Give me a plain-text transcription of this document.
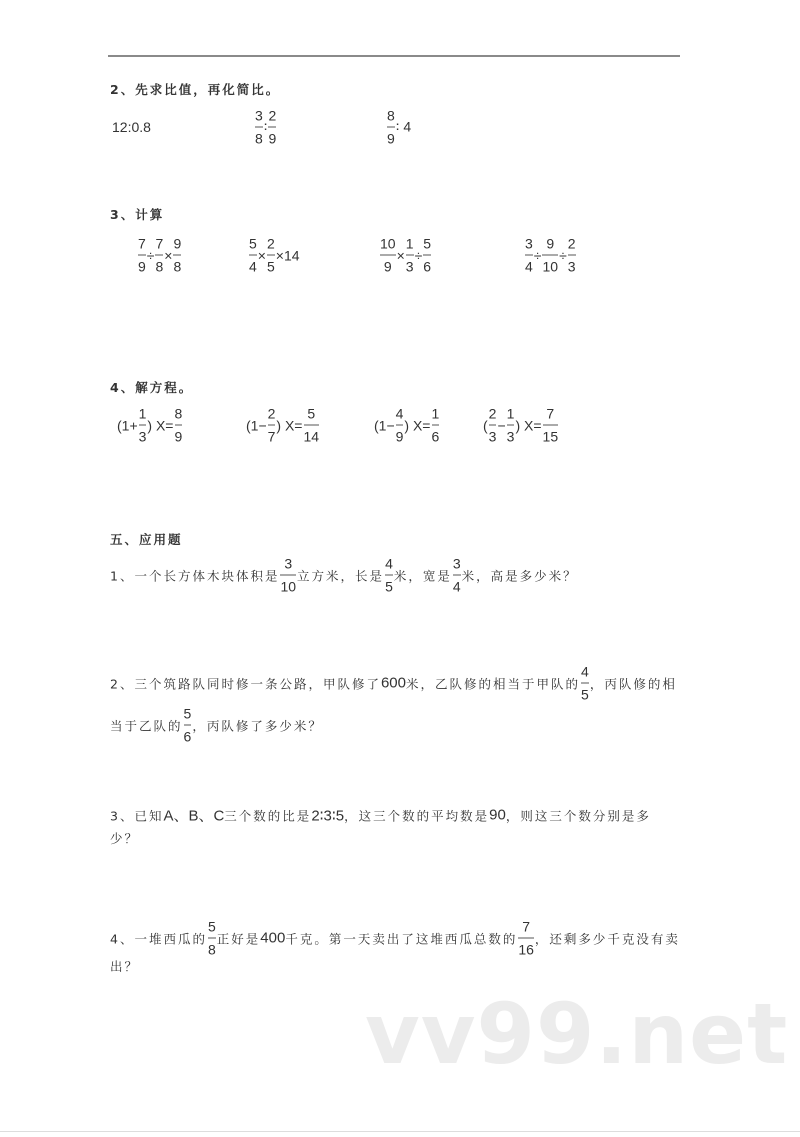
2、先求比值，再化简比。
12:0.8	$\frac{3}{8}$ ∶ $\frac{2}{9}$	$\frac{8}{9}$ ∶ 4
3、计算
$\frac{7}{9} \div \frac{7}{8} \times \frac{9}{8}$	$\frac{5}{4} \times \frac{2}{5} \times 14$	$\frac{10}{9} \times \frac{1}{3} \div \frac{5}{6}$	$\frac{3}{4} \div \frac{9}{10} \div \frac{2}{3}$
4、解方程。
($1+ \frac{1}{3}$ ) $X= \frac{8}{9}$	($1- \frac{2}{7}$ ) $X= \frac{5}{14}$	($1- \frac{4}{9}$ ) $X= \frac{1}{6}$	( $\frac{2}{3} - \frac{1}{3}$ ) $X= \frac{7}{15}$
五、应用题
1、一个长方体木块体积是 $\frac{3}{10}$ 立方米，长是 $\frac{4}{5}$ 米，宽是 $\frac{3}{4}$ 米，高是多少米？
2、三个筑路队同时修一条公路，甲队修了 600 米，乙队修的相当于甲队的 $\frac{4}{5}$ ，丙队修的相
当于乙队的 $\frac{5}{6}$ ，丙队修了多少米？
3、已知 A、B、C 三个数的比是 2∶3∶5 ，这三个数的平均数是 90 ，则这三个数分别是多
少？
4、一堆西瓜的 $\frac{5}{8}$ 正好是 400 千克。第一天卖出了这堆西瓜总数的 $\frac{7}{16}$ ，还剩多少千克没有卖
出？
vv99.net
